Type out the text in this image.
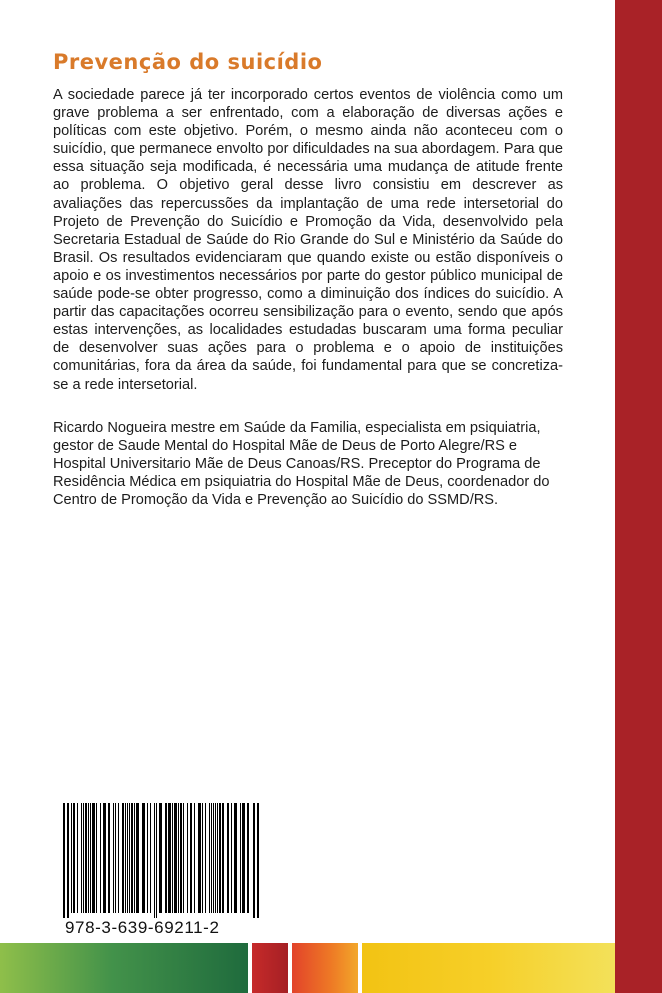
Prevenção do suicídio

A sociedade parece já ter incorporado certos eventos de violência como um grave problema a ser enfrentado, com a elaboração de diversas ações e políticas com este objetivo. Porém, o mesmo ainda não aconteceu com o suicídio, que permanece envolto por dificuldades na sua abordagem. Para que essa situação seja modificada, é necessária uma mudança de atitude frente ao problema. O objetivo geral desse livro consistiu em descrever as avaliações das repercussões da implantação de uma rede intersetorial do Projeto de Prevenção do Suicídio e Promoção da Vida, desenvolvido pela Secretaria Estadual de Saúde do Rio Grande do Sul e Ministério da Saúde do Brasil. Os resultados evidenciaram que quando existe ou estão disponíveis o apoio e os investimentos necessários por parte do gestor público municipal de saúde pode-se obter progresso, como a diminuição dos índices do suicídio. A partir das capacitações ocorreu sensibilização para o evento, sendo que após estas intervenções, as localidades estudadas buscaram uma forma peculiar de desenvolver suas ações para o problema e o apoio de instituições comunitárias, fora da área da saúde, foi fundamental para que se concretiza-se a rede intersetorial.

Ricardo Nogueira mestre em Saúde da Familia, especialista em psiquiatria, gestor de Saude Mental do Hospital Mãe de Deus de Porto Alegre/RS e Hospital Universitario Mãe de Deus Canoas/RS. Preceptor do Programa de Residência Médica em psiquiatria do Hospital Mãe de Deus, coordenador do Centro de Promoção da Vida e Prevenção ao Suicídio do SSMD/RS.

978-3-639-69211-2
